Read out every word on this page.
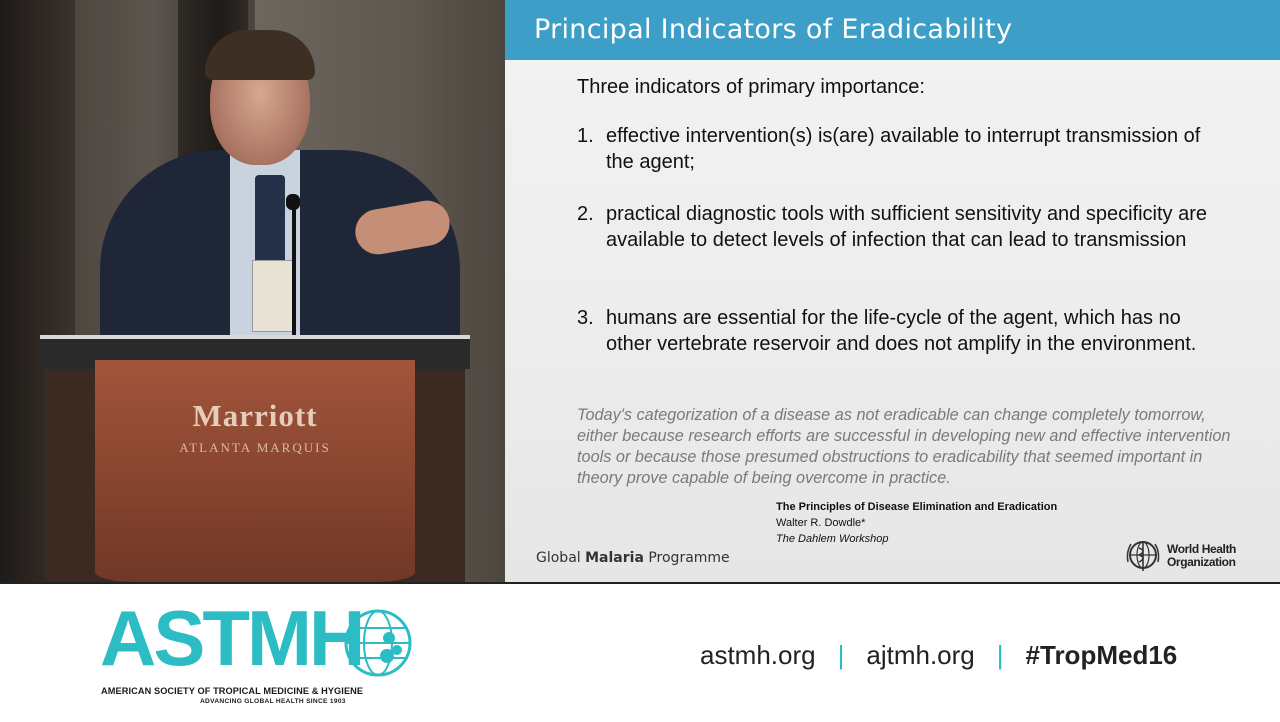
Marriott
ATLANTA MARQUIS
Principal Indicators of Eradicability
Three indicators of primary importance:
1. effective intervention(s) is(are) available to interrupt transmission of the agent;
2. practical diagnostic tools with sufficient sensitivity and specificity are available to detect levels of infection that can lead to transmission
3. humans are essential for the life-cycle of the agent, which has no other vertebrate reservoir and does not amplify in the environment.
Today's categorization of a disease as not eradicable can change completely tomorrow, either because research efforts are successful in developing new and effective intervention tools or because those presumed obstructions to eradicability that seemed important in theory prove capable of being overcome in practice.
The Principles of Disease Elimination and Eradication
Walter R. Dowdle*
The Dahlem Workshop
Global Malaria Programme
World Health
Organization
ASTMH
AMERICAN SOCIETY OF TROPICAL MEDICINE & HYGIENE
ADVANCING GLOBAL HEALTH SINCE 1903
astmh.org | ajtmh.org | #TropMed16
